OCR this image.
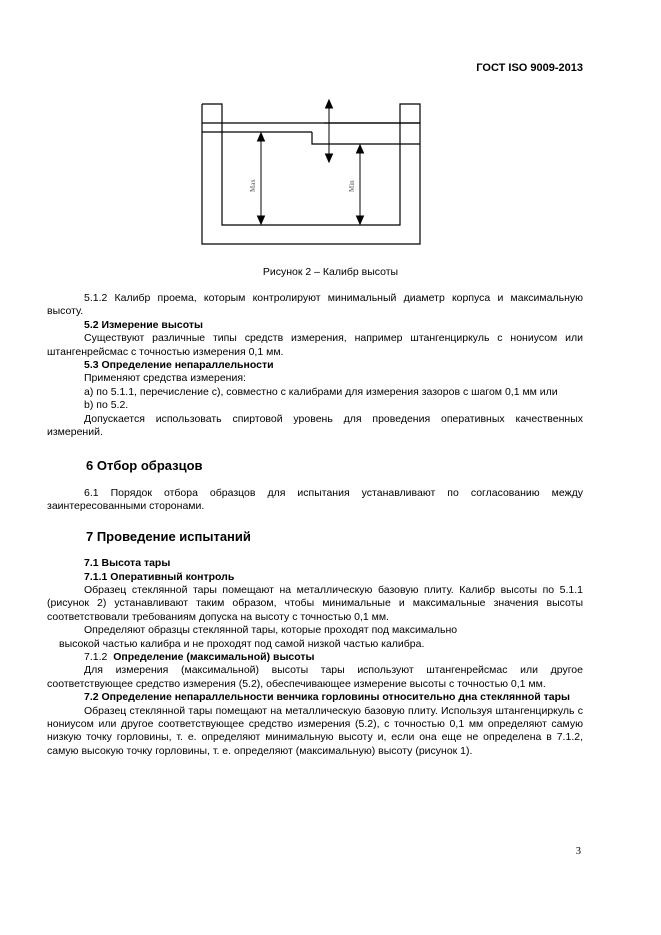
ГОСТ ISO 9009-2013
Max	Min
Рисунок 2 – Калибр высоты

5.1.2 Калибр проема, которым контролируют минимальный диаметр корпуса и максимальную высоту.

5.2 Измерение высоты

Существуют различные типы средств измерения, например штангенциркуль с нониусом или штангенрейсмас с точностью измерения 0,1 мм.

5.3 Определение непараллельности

Применяют средства измерения:

а) по 5.1.1, перечисление с), совместно с калибрами для измерения зазоров с шагом 0,1 мм или

b) по 5.2.

Допускается использовать спиртовой уровень для проведения оперативных качественных измерений.

6 Отбор образцов

6.1 Порядок отбора образцов для испытания устанавливают по согласованию между заинтересованными сторонами.

7 Проведение испытаний

7.1 Высота тары

7.1.1 Оперативный контроль

Образец стеклянной тары помещают на металлическую базовую плиту. Калибр высоты по 5.1.1 (рисунок 2) устанавливают таким образом, чтобы минимальные и максимальные значения высоты соответствовали требованиям допуска на высоту с точностью 0,1 мм.

Определяют образцы стеклянной тары, которые проходят под максимально

высокой частью калибра и не проходят под самой низкой частью калибра.

7.1.2 Определение (максимальной) высоты

Для измерения (максимальной) высоты тары используют штангенрейсмас или другое соответствующее средство измерения (5.2), обеспечивающее измерение высоты с точностью 0,1 мм.

7.2 Определение непараллельности венчика горловины относительно дна стеклянной тары

Образец стеклянной тары помещают на металлическую базовую плиту. Используя штангенциркуль с нониусом или другое соответствующее средство измерения (5.2), с точностью 0,1 мм определяют самую низкую точку горловины, т. е. определяют минимальную высоту и, если она еще не определена в 7.1.2, самую высокую точку горловины, т. е. определяют (максимальную) высоту (рисунок 1).

3
